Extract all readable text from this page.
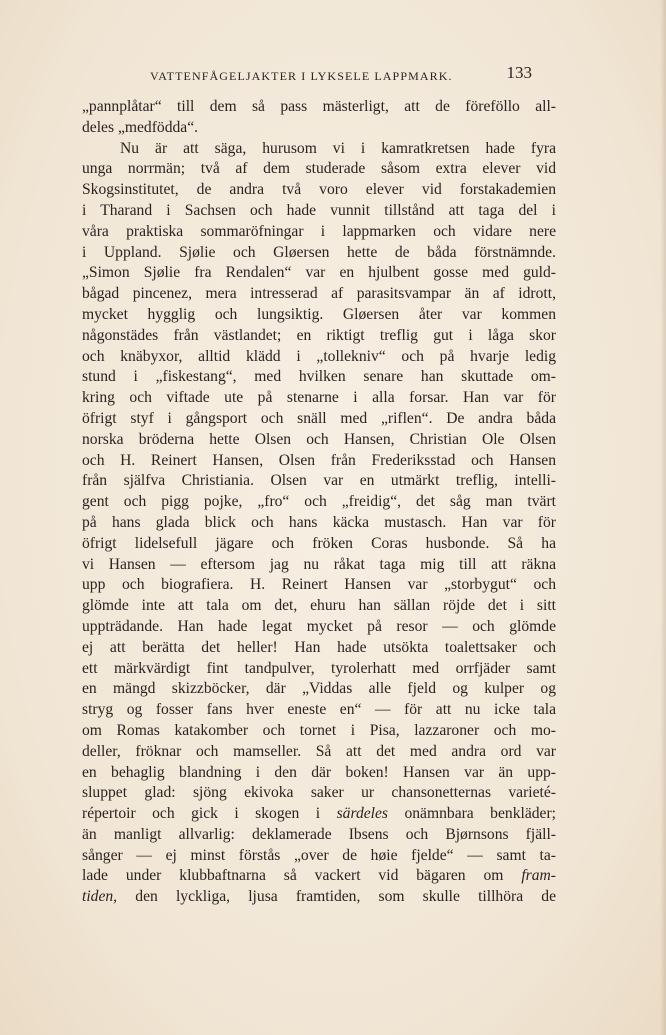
VATTENFÅGELJAKTER I LYKSELE LAPPMARK.	133
„pannplåtar“ till dem så pass mästerligt, att de föreföllo all-
deles „medfödda“.
Nu är att säga, hurusom vi i kamratkretsen hade fyra
unga norrmän; två af dem studerade såsom extra elever vid
Skogsinstitutet, de andra två voro elever vid forstakademien
i Tharand i Sachsen och hade vunnit tillstånd att taga del i
våra praktiska sommaröfningar i lappmarken och vidare nere
i Uppland. Sjølie och Gløersen hette de båda förstnämnde.
„Simon Sjølie fra Rendalen“ var en hjulbent gosse med guld-
bågad pincenez, mera intresserad af parasitsvampar än af idrott,
mycket hygglig och lungsiktig. Gløersen åter var kommen
någonstädes från västlandet; en riktigt treflig gut i låga skor
och knäbyxor, alltid klädd i „tollekniv“ och på hvarje ledig
stund i „fiskestang“, med hvilken senare han skuttade om-
kring och viftade ute på stenarne i alla forsar. Han var för
öfrigt styf i gångsport och snäll med „riflen“. De andra båda
norska bröderna hette Olsen och Hansen, Christian Ole Olsen
och H. Reinert Hansen, Olsen från Frederiksstad och Hansen
från själfva Christiania. Olsen var en utmärkt treflig, intelli-
gent och pigg pojke, „fro“ och „freidig“, det såg man tvärt
på hans glada blick och hans käcka mustasch. Han var för
öfrigt lidelsefull jägare och fröken Coras husbonde. Så ha
vi Hansen — eftersom jag nu råkat taga mig till att räkna
upp och biografiera. H. Reinert Hansen var „storbygut“ och
glömde inte att tala om det, ehuru han sällan röjde det i sitt
uppträdande. Han hade legat mycket på resor — och glömde
ej att berätta det heller! Han hade utsökta toalettsaker och
ett märkvärdigt fint tandpulver, tyrolerhatt med orrfjäder samt
en mängd skizzböcker, där „Viddas alle fjeld og kulper og
stryg og fosser fans hver eneste en“ — för att nu icke tala
om Romas katakomber och tornet i Pisa, lazzaroner och mo-
deller, fröknar och mamseller. Så att det med andra ord var
en behaglig blandning i den där boken! Hansen var än upp-
sluppet glad: sjöng ekivoka saker ur chansonetternas varieté-
répertoir och gick i skogen i särdeles onämnbara benkläder;
än manligt allvarlig: deklamerade Ibsens och Bjørnsons fjäll-
sånger — ej minst förstås „over de høie fjelde“ — samt ta-
lade under klubbaftnarna så vackert vid bägaren om fram-
tiden, den lyckliga, ljusa framtiden, som skulle tillhöra de
